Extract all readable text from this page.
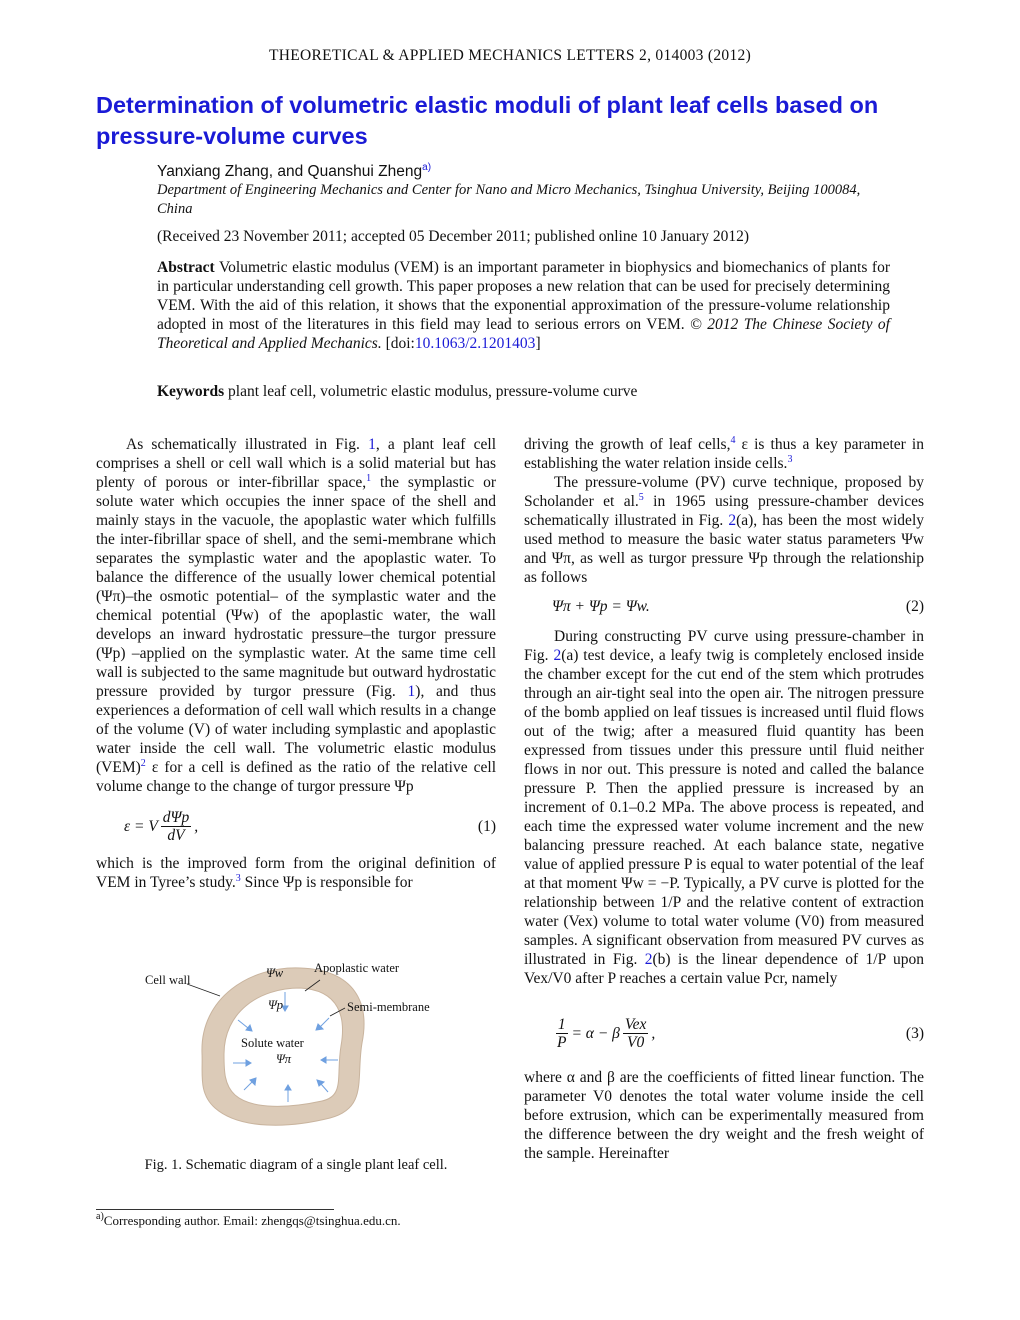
THEORETICAL & APPLIED MECHANICS LETTERS 2, 014003 (2012)
Determination of volumetric elastic moduli of plant leaf cells based on pressure-volume curves
Yanxiang Zhang, and Quanshui Zheng$^{a)}$
Department of Engineering Mechanics and Center for Nano and Micro Mechanics, Tsinghua University, Beijing 100084, China
(Received 23 November 2011; accepted 05 December 2011; published online 10 January 2012)
Abstract Volumetric elastic modulus (VEM) is an important parameter in biophysics and biomechanics of plants for in particular understanding cell growth. This paper proposes a new relation that can be used for precisely determining VEM. With the aid of this relation, it shows that the exponential approximation of the pressure-volume relationship adopted in most of the literatures in this field may lead to serious errors on VEM. © 2012 The Chinese Society of Theoretical and Applied Mechanics. [doi:10.1063/2.1201403]
Keywords plant leaf cell, volumetric elastic modulus, pressure-volume curve

As schematically illustrated in Fig. 1, a plant leaf cell comprises a shell or cell wall which is a solid material but has plenty of porous or inter-fibrillar space,$^1$ the symplastic or solute water which occupies the inner space of the shell and mainly stays in the vacuole, the apoplastic water which fulfills the inter-fibrillar space of shell, and the semi-membrane which separates the symplastic water and the apoplastic water. To balance the difference of the usually lower chemical potential (Ψπ)–the osmotic potential– of the symplastic water and the chemical potential (Ψw) of the apoplastic water, the wall develops an inward hydrostatic pressure–the turgor pressure (Ψp) –applied on the symplastic water. At the same time cell wall is subjected to the same magnitude but outward hydrostatic pressure provided by turgor pressure (Fig. 1), and thus experiences a deformation of cell wall which results in a change of the volume (V) of water including symplastic and apoplastic water inside the cell wall. The volumetric elastic modulus (VEM)$^2$ ε for a cell is defined as the ratio of the relative cell volume change to the change of turgor pressure Ψp

ε = V $\frac{\text{dΨp}}{dV}$ ,	(1)

which is the improved form from the original definition of VEM in Tyree’s study.$^3$ Since Ψp is responsible for

Cell wall
Apoplastic water
Semi-membrane
Ψw
Ψp
Solute water
Ψπ
Fig. 1. Schematic diagram of a single plant leaf cell.
$^{a)}$Corresponding author. Email: zhengqs@tsinghua.edu.cn.

driving the growth of leaf cells,$^4$ ε is thus a key parameter in establishing the water relation inside cells.$^3$

The pressure-volume (PV) curve technique, proposed by Scholander et al.$^5$ in 1965 using pressure-chamber devices schematically illustrated in Fig. 2(a), has been the most widely used method to measure the basic water status parameters Ψw and Ψπ, as well as turgor pressure Ψp through the relationship as follows

Ψπ + Ψp = Ψw.	(2)

During constructing PV curve using pressure-chamber in Fig. 2(a) test device, a leafy twig is completely enclosed inside the chamber except for the cut end of the stem which protrudes through an air-tight seal into the open air. The nitrogen pressure of the bomb applied on leaf tissues is increased until fluid flows out of the twig; after a measured fluid quantity has been expressed from tissues under this pressure until fluid neither flows in nor out. This pressure is noted and called the balance pressure P. Then the applied pressure is increased by an increment of 0.1–0.2 MPa. The above process is repeated, and each time the expressed water volume increment and the new balancing pressure reached. At each balance state, negative value of applied pressure P is equal to water potential of the leaf at that moment Ψw = −P. Typically, a PV curve is plotted for the relationship between 1/P and the relative content of extraction water (Vex) volume to total water volume (V0) from measured samples. A significant observation from measured PV curves as illustrated in Fig. 2(b) is the linear dependence of 1/P upon Vex/V0 after P reaches a certain value Pcr, namely

$\frac{1}{P} = \alpha - \beta \frac{\text{Vex}}{V0}$ ,	(3)

where α and β are the coefficients of fitted linear function. The parameter V0 denotes the total water volume inside the cell before extrusion, which can be experimentally measured from the difference between the dry weight and the fresh weight of the sample. Hereinafter
